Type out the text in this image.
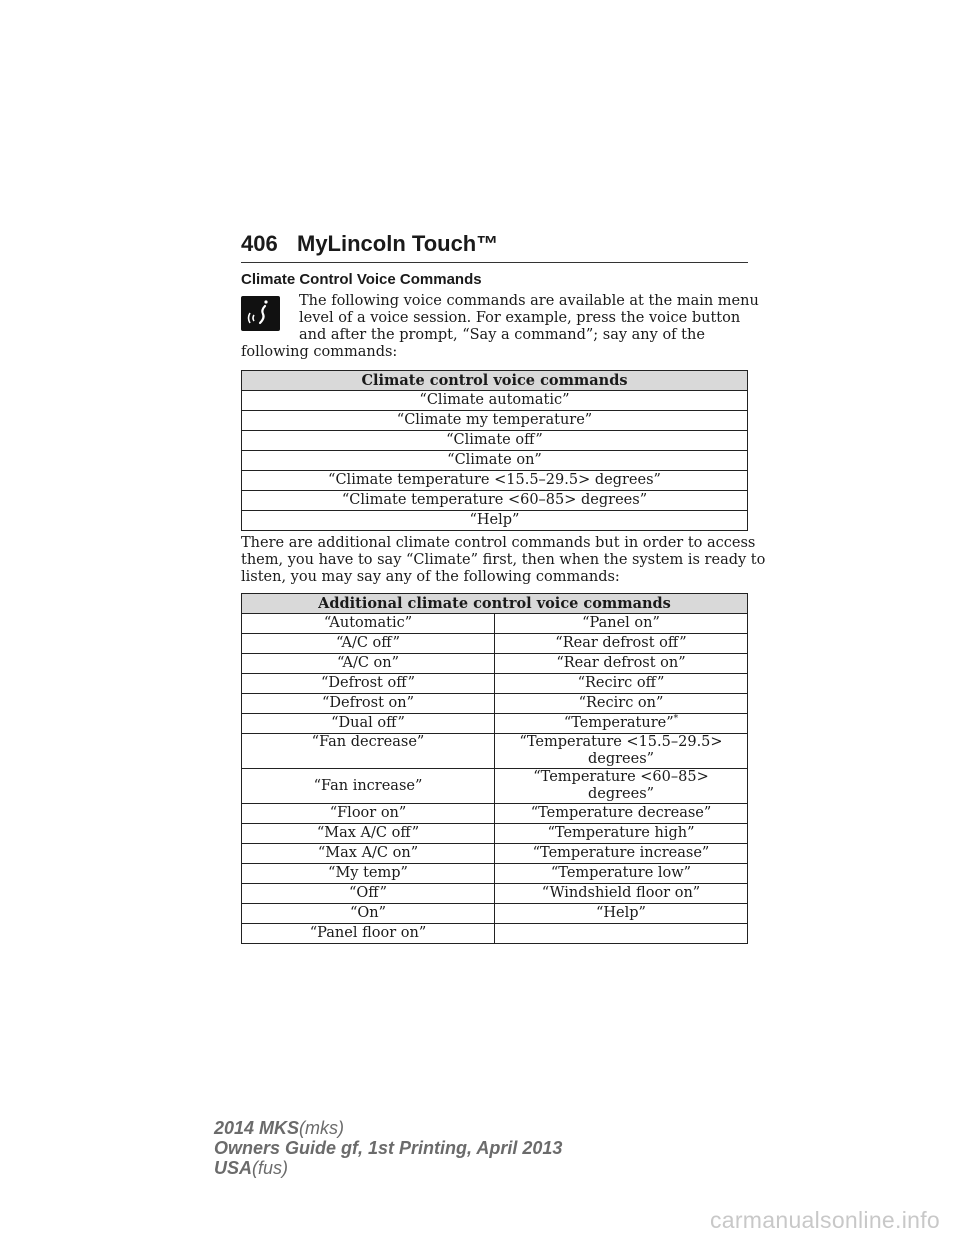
406 MyLincoln Touch™
Climate Control Voice Commands
The following voice commands are available at the main menu
level of a voice session. For example, press the voice button
and after the prompt, “Say a command”; say any of the
following commands:
Climate control voice commands
“Climate automatic”
“Climate my temperature”
“Climate off”
“Climate on”
“Climate temperature <15.5–29.5> degrees”
“Climate temperature <60–85> degrees”
“Help”
There are additional climate control commands but in order to access
them, you have to say “Climate” first, then when the system is ready to
listen, you may say any of the following commands:
Additional climate control voice commands	
“Automatic”	“Panel on”
“A/C off”	“Rear defrost off”
“A/C on”	“Rear defrost on”
“Defrost off”	“Recirc off”
“Defrost on”	“Recirc on”
“Dual off”	“Temperature”*
“Fan decrease”	“Temperature <15.5–29.5>
degrees”

“Fan increase”	“Temperature <60–85> degrees”
“Floor on”	“Temperature decrease”
“Max A/C off”	“Temperature high”
“Max A/C on”	“Temperature increase”
“My temp”	“Temperature low”
“Off”	“Windshield floor on”
“On”	“Help”
“Panel floor on”	
2014 MKS(mks)
Owners Guide gf, 1st Printing, April 2013
USA(fus)
carmanualsonline.info
